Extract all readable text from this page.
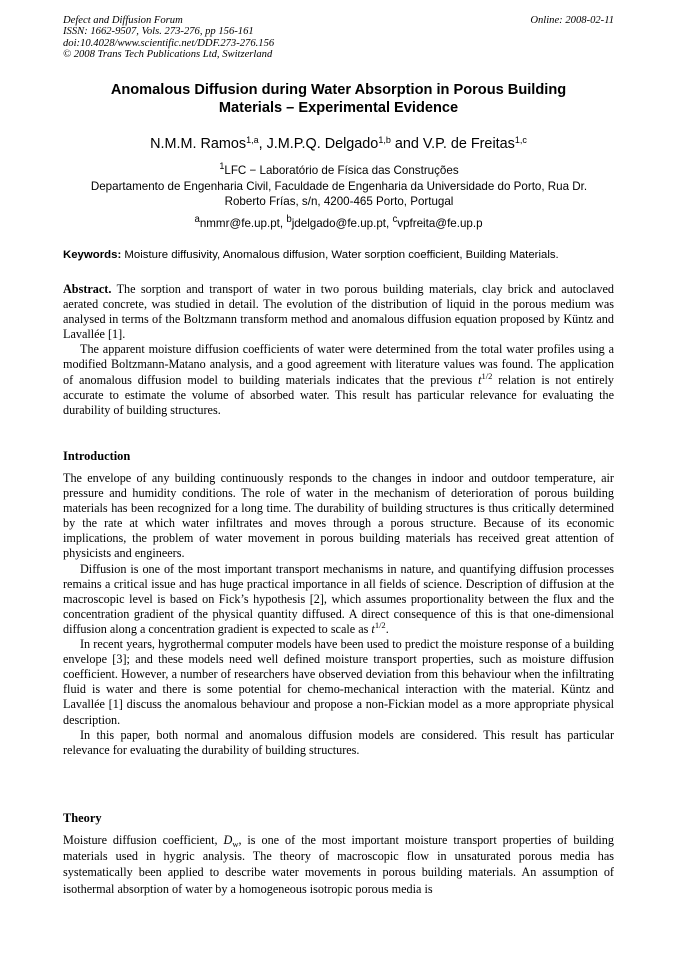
Defect and Diffusion Forum
ISSN: 1662-9507, Vols. 273-276, pp 156-161
doi:10.4028/www.scientific.net/DDF.273-276.156
© 2008 Trans Tech Publications Ltd, Switzerland
Online: 2008-02-11
Anomalous Diffusion during Water Absorption in Porous Building
Materials – Experimental Evidence
N.M.M. Ramos$^{1,a}$, J.M.P.Q. Delgado$^{1,b}$ and V.P. de Freitas$^{1,c}$
$^1$LFC − Laboratório de Física das Construções
Departamento de Engenharia Civil, Faculdade de Engenharia da Universidade do Porto, Rua Dr.
Roberto Frías, s/n, 4200-465 Porto, Portugal
$^a$nmmr@fe.up.pt, $^b$jdelgado@fe.up.pt, $^c$vpfreita@fe.up.p
Keywords: Moisture diffusivity, Anomalous diffusion, Water sorption coefficient, Building Materials.

Abstract. The sorption and transport of water in two porous building materials, clay brick and autoclaved aerated concrete, was studied in detail. The evolution of the distribution of liquid in the porous medium was analysed in terms of the Boltzmann transform method and anomalous diffusion equation proposed by Küntz and Lavallée [1].

The apparent moisture diffusion coefficients of water were determined from the total water profiles using a modified Boltzmann-Matano analysis, and a good agreement with literature values was found. The application of anomalous diffusion model to building materials indicates that the previous $t^{1/2}$ relation is not entirely accurate to estimate the volume of absorbed water. This result has particular relevance for evaluating the durability of building structures.

Introduction

The envelope of any building continuously responds to the changes in indoor and outdoor temperature, air pressure and humidity conditions. The role of water in the mechanism of deterioration of porous building materials has been recognized for a long time. The durability of building structures is thus critically determined by the rate at which water infiltrates and moves through a porous structure. Because of its economic implications, the problem of water movement in porous building materials has received great attention of physicists and engineers.

Diffusion is one of the most important transport mechanisms in nature, and quantifying diffusion processes remains a critical issue and has huge practical importance in all fields of science. Description of diffusion at the macroscopic level is based on Fick’s hypothesis [2], which assumes proportionality between the flux and the concentration gradient of the physical quantity diffused. A direct consequence of this is that one-dimensional diffusion along a concentration gradient is expected to scale as $t^{1/2}$.

In recent years, hygrothermal computer models have been used to predict the moisture response of a building envelope [3]; and these models need well defined moisture transport properties, such as moisture diffusion coefficient. However, a number of researchers have observed deviation from this behaviour when the infiltrating fluid is water and there is some potential for chemo-mechanical interaction with the material. Küntz and Lavallée [1] discuss the anomalous behaviour and propose a non-Fickian model as a more appropriate physical description.

In this paper, both normal and anomalous diffusion models are considered. This result has particular relevance for evaluating the durability of building structures.

Theory

Moisture diffusion coefficient, $D_w$, is one of the most important moisture transport properties of building materials used in hygric analysis. The theory of macroscopic flow in unsaturated porous media has systematically been applied to describe water movements in porous building materials. An assumption of isothermal absorption of water by a homogeneous isotropic porous media is
